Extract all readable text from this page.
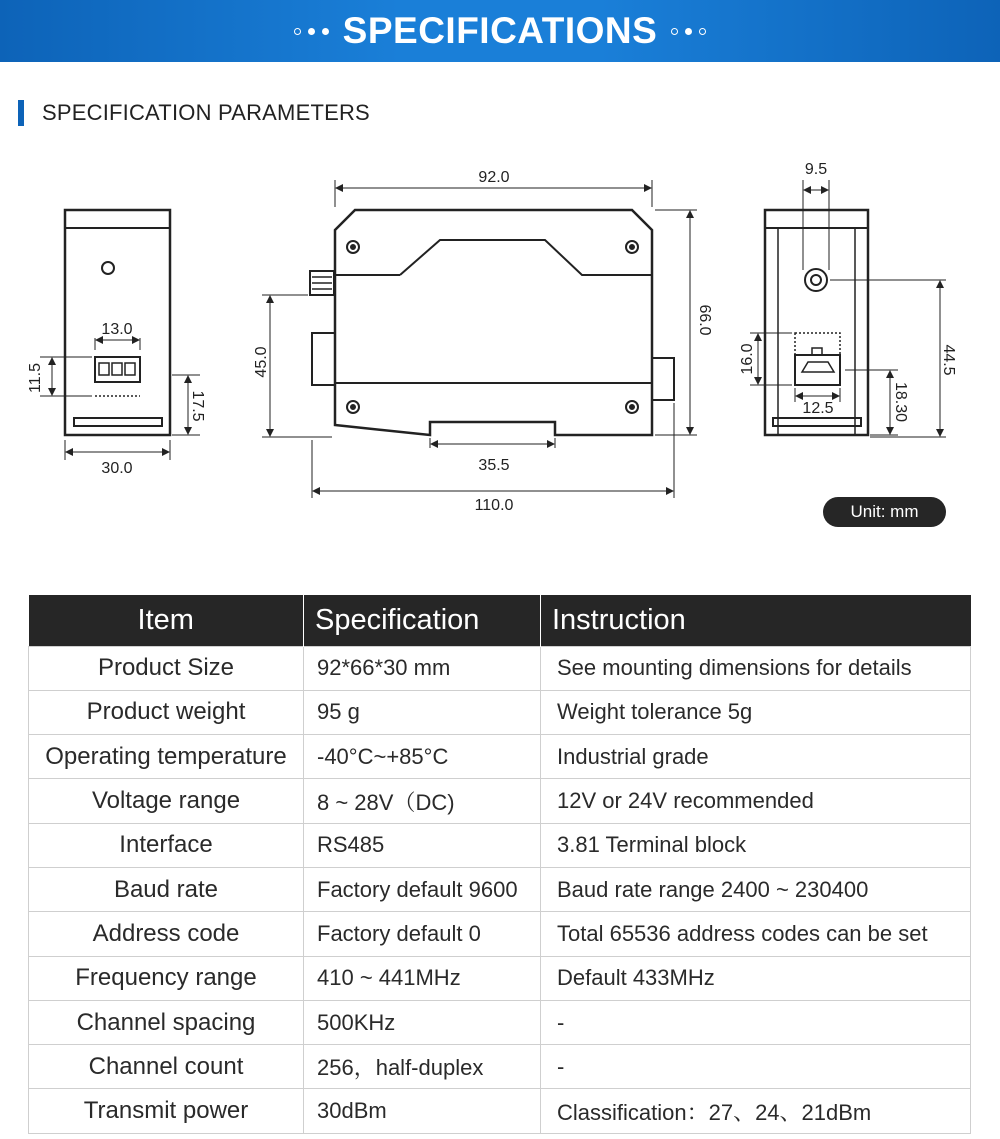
SPECIFICATIONS
SPECIFICATION PARAMETERS
13.0
11.5
17.5
30.0
92.0
66.0
45.0
35.5
110.0
9.5
16.0	44.5
12.5	18.30
Unit: mm
Item	Specification	Instruction
Product Size	92*66*30 mm	See mounting dimensions for details
Product weight	95 g	Weight tolerance 5g
Operating temperature	-40°C~+85°C	Industrial grade
Voltage range	8 ~ 28V（DC)	12V or 24V recommended
Interface	RS485	3.81 Terminal block
Baud rate	Factory default 9600	Baud rate range 2400 ~ 230400
Address code	Factory default 0	Total 65536 address codes can be set
Frequency range	410 ~ 441MHz	Default 433MHz
Channel spacing	500KHz	-
Channel count	256，half-duplex	-
Transmit power	30dBm	Classification：27、24、21dBm
